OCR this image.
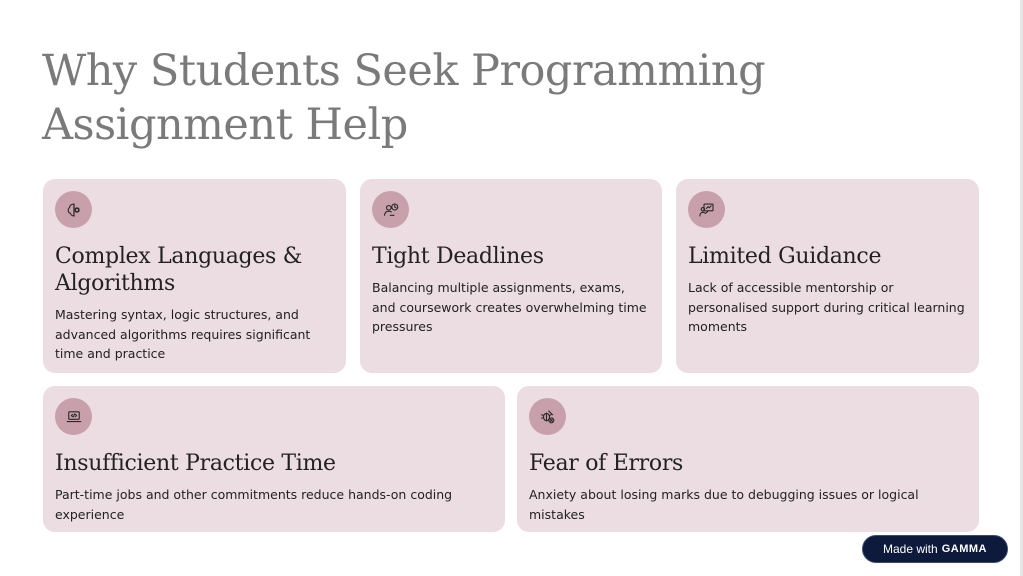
Why Students Seek Programming Assignment Help
Complex Languages & Algorithms

Mastering syntax, logic structures, and advanced algorithms requires significant time and practice

Tight Deadlines

Balancing multiple assignments, exams, and coursework creates overwhelming time pressures

Limited Guidance

Lack of accessible mentorship or personalised support during critical learning moments

Insufficient Practice Time

Part-time jobs and other commitments reduce hands-on coding experience

Fear of Errors

Anxiety about losing marks due to debugging issues or logical mistakes

Made with GAMMA
